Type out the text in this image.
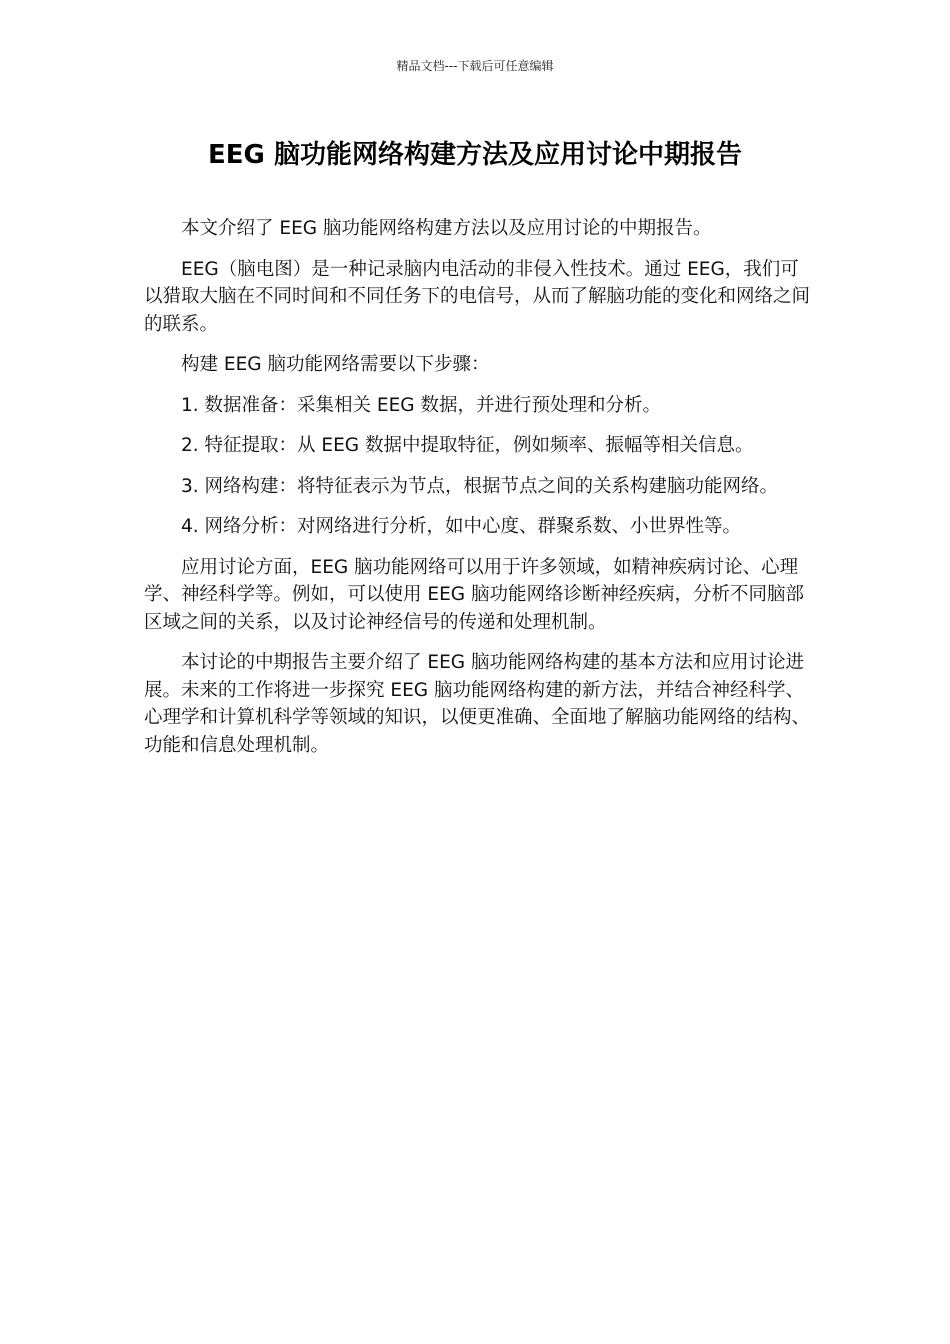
精品文档---下载后可任意编辑
EEG 脑功能网络构建方法及应用讨论中期报告

本文介绍了 EEG 脑功能网络构建方法以及应用讨论的中期报告。

EEG（脑电图）是一种记录脑内电活动的非侵入性技术。通过 EEG，我们可以猎取大脑在不同时间和不同任务下的电信号，从而了解脑功能的变化和网络之间的联系。

构建 EEG 脑功能网络需要以下步骤：

1. 数据准备：采集相关 EEG 数据，并进行预处理和分析。

2. 特征提取：从 EEG 数据中提取特征，例如频率、振幅等相关信息。

3. 网络构建：将特征表示为节点，根据节点之间的关系构建脑功能网络。

4. 网络分析：对网络进行分析，如中心度、群聚系数、小世界性等。

应用讨论方面，EEG 脑功能网络可以用于许多领域，如精神疾病讨论、心理学、神经科学等。例如，可以使用 EEG 脑功能网络诊断神经疾病，分析不同脑部区域之间的关系，以及讨论神经信号的传递和处理机制。

本讨论的中期报告主要介绍了 EEG 脑功能网络构建的基本方法和应用讨论进展。未来的工作将进一步探究 EEG 脑功能网络构建的新方法，并结合神经科学、心理学和计算机科学等领域的知识，以便更准确、全面地了解脑功能网络的结构、功能和信息处理机制。
